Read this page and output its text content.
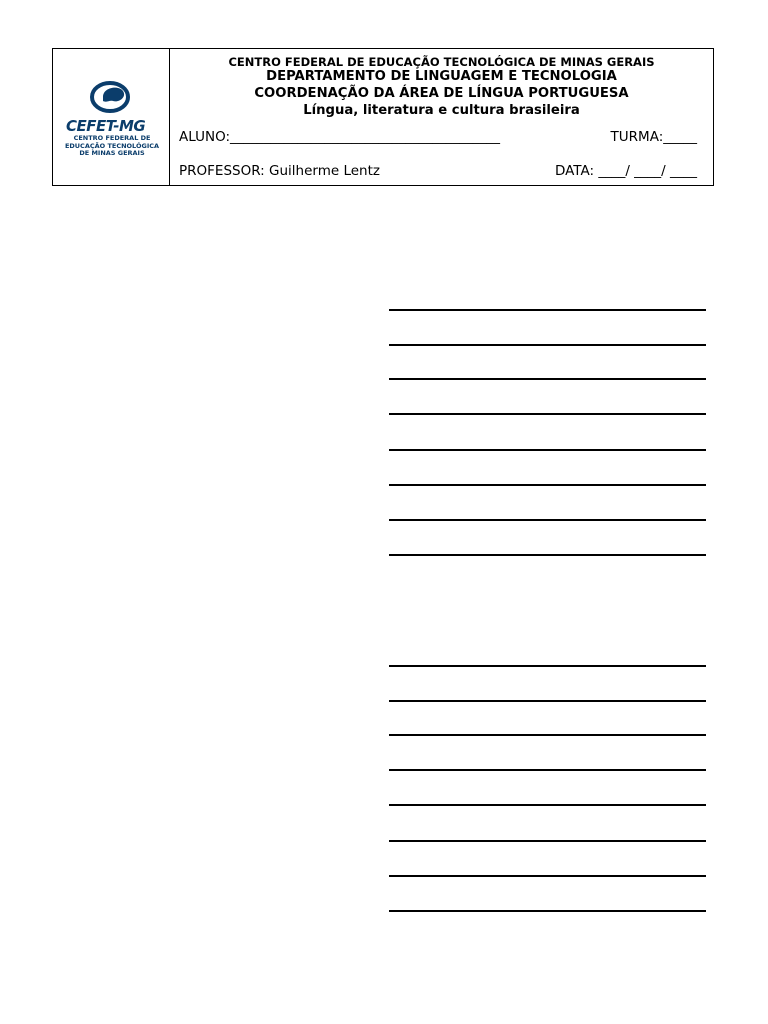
CEFET-MG
CENTRO FEDERAL DE
EDUCAÇÃO TECNOLÓGICA
DE MINAS GERAIS
CENTRO FEDERAL DE EDUCAÇÃO TECNOLÓGICA DE MINAS GERAIS
DEPARTAMENTO DE LINGUAGEM E TECNOLOGIA
COORDENAÇÃO DA ÁREA DE LÍNGUA PORTUGUESA
Língua, literatura e cultura brasileira
ALUNO:________________________________________	TURMA:_____
PROFESSOR: Guilherme Lentz	DATA: ____/ ____/ ____
